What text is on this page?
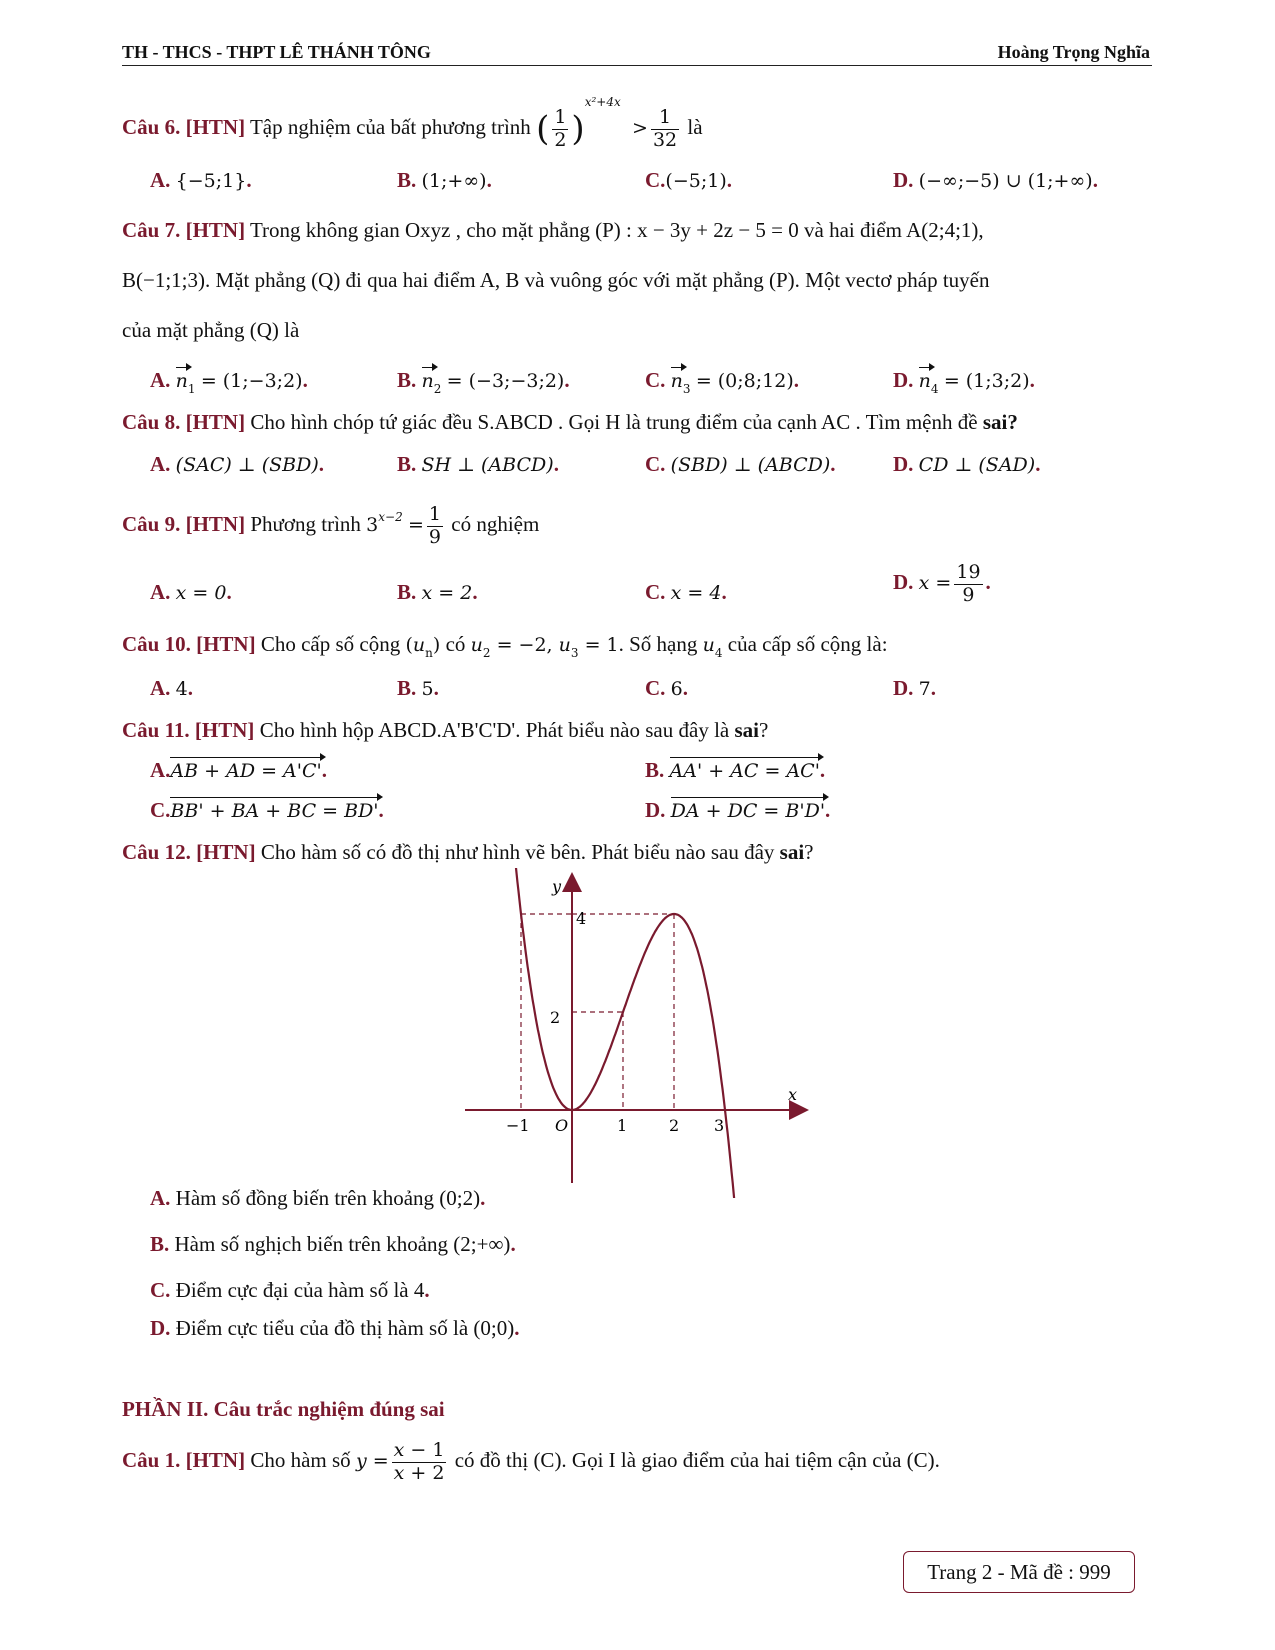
TH - THCS - THPT LÊ THÁNH TÔNG	Hoàng Trọng Nghĩa
Câu 6. [HTN] Tập nghiệm của bất phương trình ( $\frac{1}{2} )^{x^2+4x} > \frac{1}{32}$ là
A. {−5;1}.	B. (1;+∞).	C.(−5;1).	D. (−∞;−5) ∪ (1;+∞).
Câu 7. [HTN] Trong không gian Oxyz , cho mặt phẳng (P) : x − 3y + 2z − 5 = 0 và hai điểm A(2;4;1),
B(−1;1;3). Mặt phẳng (Q) đi qua hai điểm A, B và vuông góc với mặt phẳng (P). Một vectơ pháp tuyến
của mặt phẳng (Q) là
A. $n_1$ = (1;−3;2).	B. $n_2$ = (−3;−3;2).	C. $n_3$ = (0;8;12).	D. $n_4$ = (1;3;2).
Câu 8. [HTN] Cho hình chóp tứ giác đều S.ABCD . Gọi H là trung điểm của cạnh AC . Tìm mệnh đề sai?
A. (SAC) ⊥ (SBD).	B. SH ⊥ (ABCD).	C. (SBD) ⊥ (ABCD).	D. CD ⊥ (SAD).
Câu 9. [HTN] Phương trình $3^{x-2} = \frac{1}{9}$ có nghiệm
A. x = 0.	B. x = 2.	C. x = 4.	D. $x = \frac{19}{9}$ .
Câu 10. [HTN] Cho cấp số cộng $(u_n)$ có $u_2 = -2$, $u_3 = 1$. Số hạng $u_4$ của cấp số cộng là:
A. 4.	B. 5.	C. 6.	D. 7.
Câu 11. [HTN] Cho hình hộp ABCD.A'B'C'D'. Phát biểu nào sau đây là sai?
A.AB + AD = A'C'.	B. AA' + AC = AC'.
C.BB' + BA + BC = BD'.	D. DA + DC = B'D'.
Câu 12. [HTN] Cho hàm số có đồ thị như hình vẽ bên. Phát biểu nào sau đây sai?
x
y
O
−1	1	2 3
2
4
A. Hàm số đồng biến trên khoảng (0;2).
B. Hàm số nghịch biến trên khoảng (2;+∞).
C. Điểm cực đại của hàm số là 4.
D. Điểm cực tiểu của đồ thị hàm số là (0;0).
PHẦN II. Câu trắc nghiệm đúng sai
Câu 1. [HTN] Cho hàm số $y = \frac{x - 1}{x + 2}$ có đồ thị (C). Gọi I là giao điểm của hai tiệm cận của (C).
Trang 2 - Mã đề : 999
